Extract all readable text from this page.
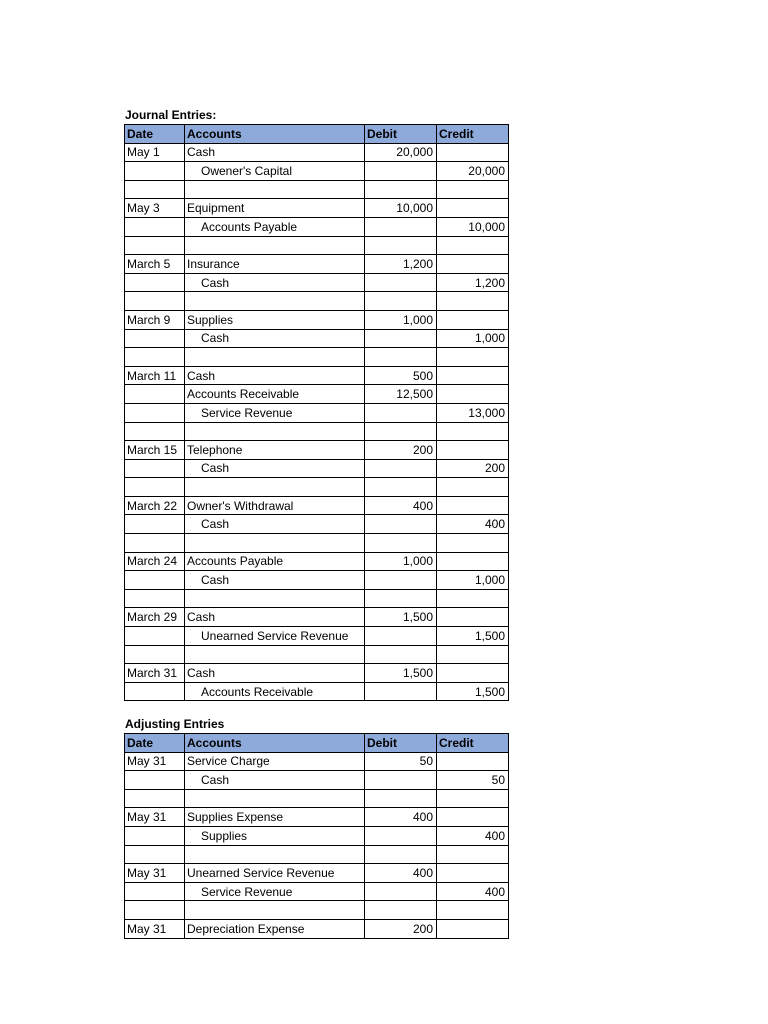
Journal Entries:
Date	Accounts	Debit	Credit
May 1	Cash	20,000	
	Owener's Capital		20,000

May 3	Equipment	10,000	
	Accounts Payable		10,000

March 5	Insurance	1,200	
	Cash		1,200

March 9	Supplies	1,000	
	Cash		1,000

March 11	Cash	500	
	Accounts Receivable	12,500	
	Service Revenue		13,000

March 15	Telephone	200	
	Cash		200

March 22	Owner's Withdrawal	400	
	Cash		400

March 24	Accounts Payable	1,000	
	Cash		1,000

March 29	Cash	1,500	
	Unearned Service Revenue		1,500

March 31	Cash	1,500	
	Accounts Receivable		1,500
Adjusting Entries
Date	Accounts	Debit	Credit
May 31	Service Charge	50	
	Cash		50

May 31	Supplies Expense	400	
	Supplies		400

May 31	Unearned Service Revenue	400	
	Service Revenue		400

May 31	Depreciation Expense	200	
